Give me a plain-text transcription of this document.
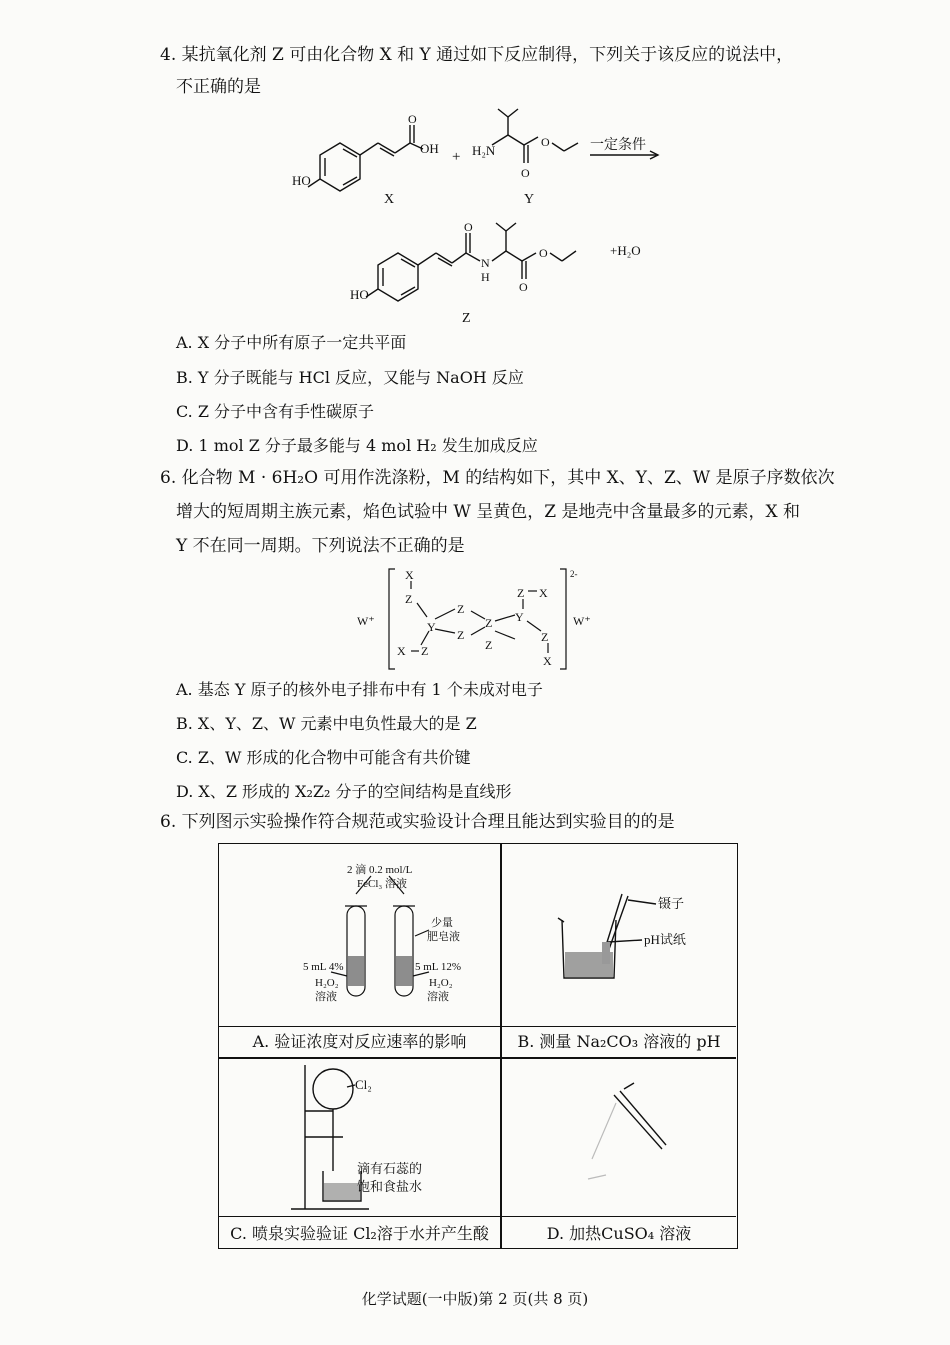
4. 某抗氧化剂 Z 可由化合物 X 和 Y 通过如下反应制得，下列关于该反应的说法中，
不正确的是
HO
OH
O
+ H₂N
O
O	一定条件
X	Y
HO
O
N
H
O
O	+H₂O
Z
A. X 分子中所有原子一定共平面
B. Y 分子既能与 HCl 反应，又能与 NaOH 反应
C. Z 分子中含有手性碳原子
D. 1 mol Z 分子最多能与 4 mol H₂ 发生加成反应
6. 化合物 M · 6H₂O 可用作洗涤粉，M 的结构如下，其中 X、Y、Z、W 是原子序数依次
增大的短周期主族元素，焰色试验中 W 呈黄色，Z 是地壳中含量最多的元素，X 和
Y 不在同一周期。下列说法不正确的是
X
Z
Y
Z
Z
Z Y
Z
Z X
Z
X
X Z
W⁺	W⁺
2-
A. 基态 Y 原子的核外电子排布中有 1 个未成对电子
B. X、Y、Z、W 元素中电负性最大的是 Z
C. Z、W 形成的化合物中可能含有共价键
D. X、Z 形成的 X₂Z₂ 分子的空间结构是直线形
6. 下列图示实验操作符合规范或实验设计合理且能达到实验目的的是
2 滴 0.2 mol/L
FeCl₃ 溶液
少量
肥皂液
5 mL 4%
H₂O₂
溶液
5 mL 12%
H₂O₂
溶液
镊子
pH试纸
A. 验证浓度对反应速率的影响	B. 测量 Na₂CO₃ 溶液的 pH
Cl₂
滴有石蕊的
饱和食盐水
C. 喷泉实验验证 Cl₂溶于水并产生酸	D. 加热CuSO₄ 溶液
化学试题(一中版)第 2 页(共 8 页)
